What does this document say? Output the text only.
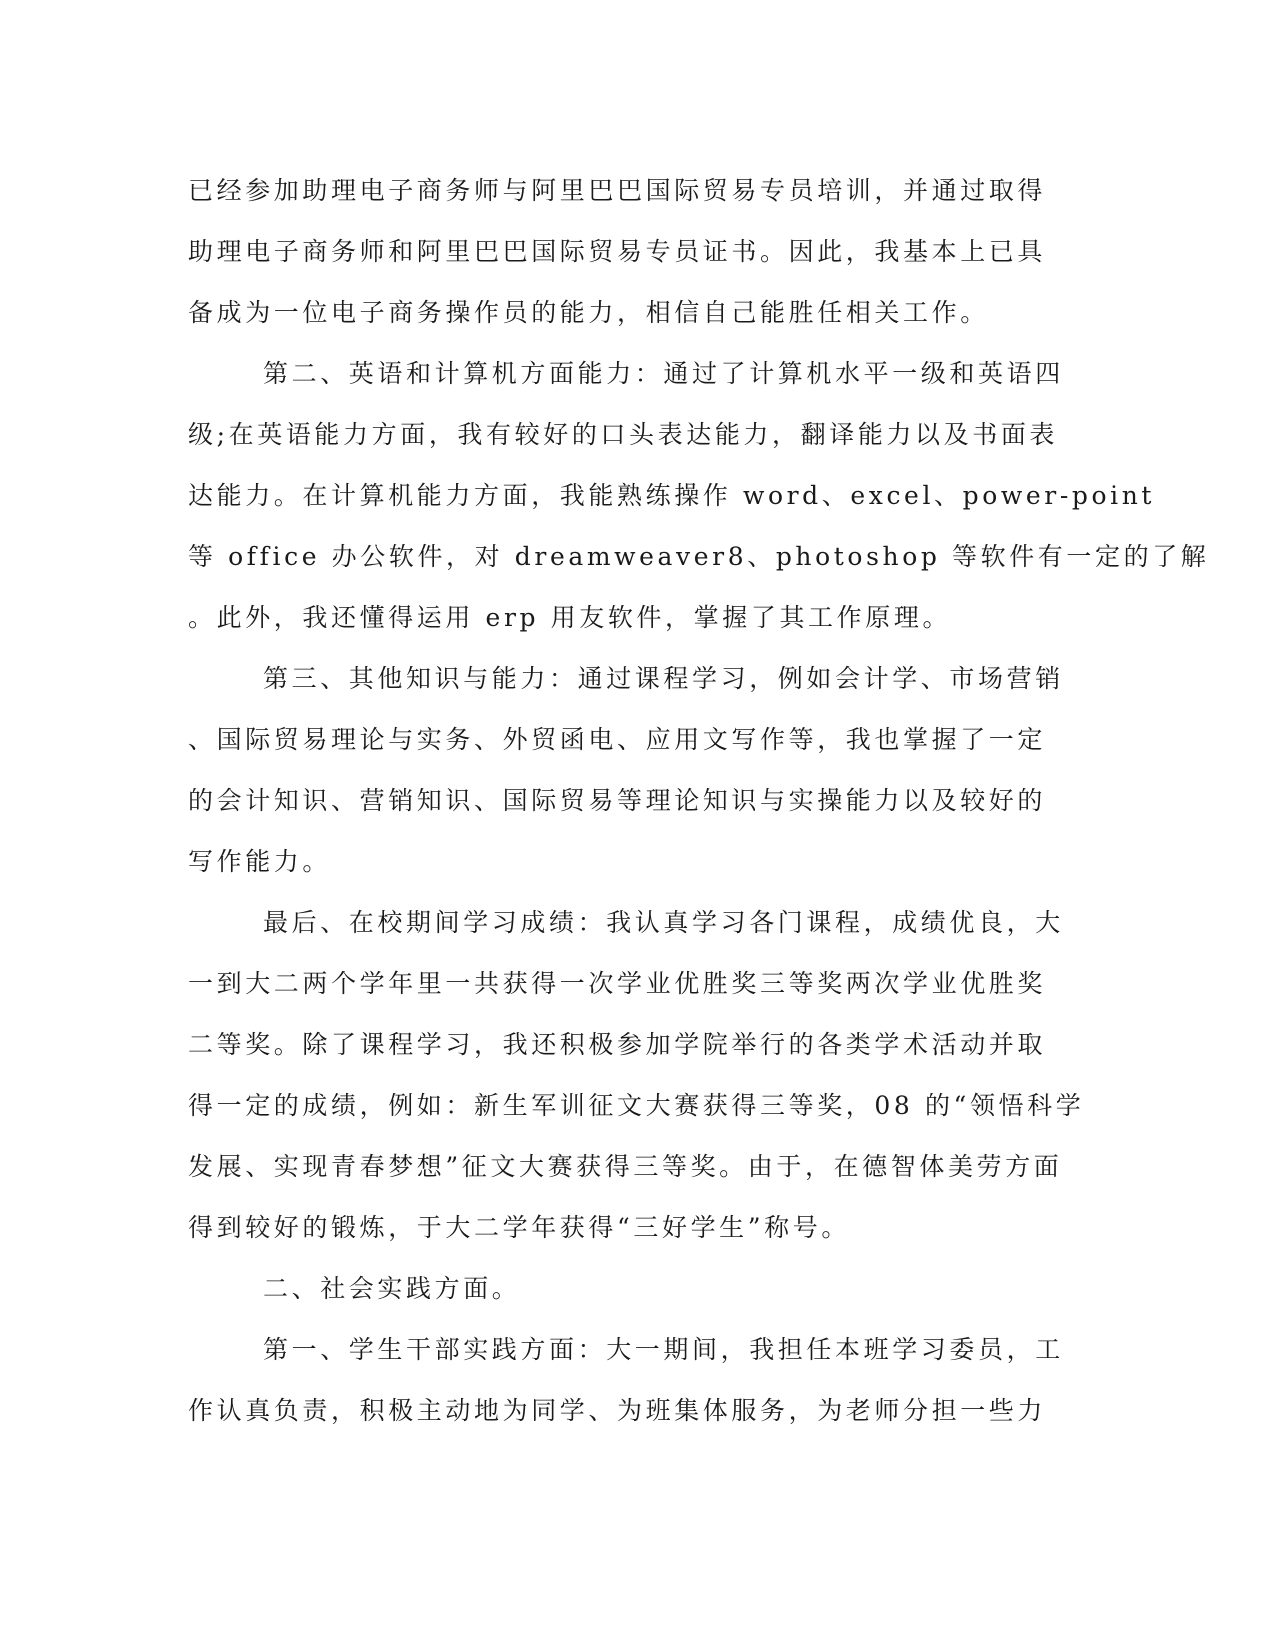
已经参加助理电子商务师与阿里巴巴国际贸易专员培训，并通过取得
助理电子商务师和阿里巴巴国际贸易专员证书。因此，我基本上已具
备成为一位电子商务操作员的能力，相信自己能胜任相关工作。
第二、英语和计算机方面能力：通过了计算机水平一级和英语四
级;在英语能力方面，我有较好的口头表达能力，翻译能力以及书面表
达能力。在计算机能力方面，我能熟练操作 word、excel、power-point
等 office 办公软件，对 dreamweaver8、photoshop 等软件有一定的了解
。此外，我还懂得运用 erp 用友软件，掌握了其工作原理。
第三、其他知识与能力：通过课程学习，例如会计学、市场营销
、国际贸易理论与实务、外贸函电、应用文写作等，我也掌握了一定
的会计知识、营销知识、国际贸易等理论知识与实操能力以及较好的
写作能力。
最后、在校期间学习成绩：我认真学习各门课程，成绩优良，大
一到大二两个学年里一共获得一次学业优胜奖三等奖两次学业优胜奖
二等奖。除了课程学习，我还积极参加学院举行的各类学术活动并取
得一定的成绩，例如：新生军训征文大赛获得三等奖，08 的“领悟科学
发展、实现青春梦想”征文大赛获得三等奖。由于，在德智体美劳方面
得到较好的锻炼，于大二学年获得“三好学生”称号。
二、社会实践方面。
第一、学生干部实践方面：大一期间，我担任本班学习委员，工
作认真负责，积极主动地为同学、为班集体服务，为老师分担一些力
